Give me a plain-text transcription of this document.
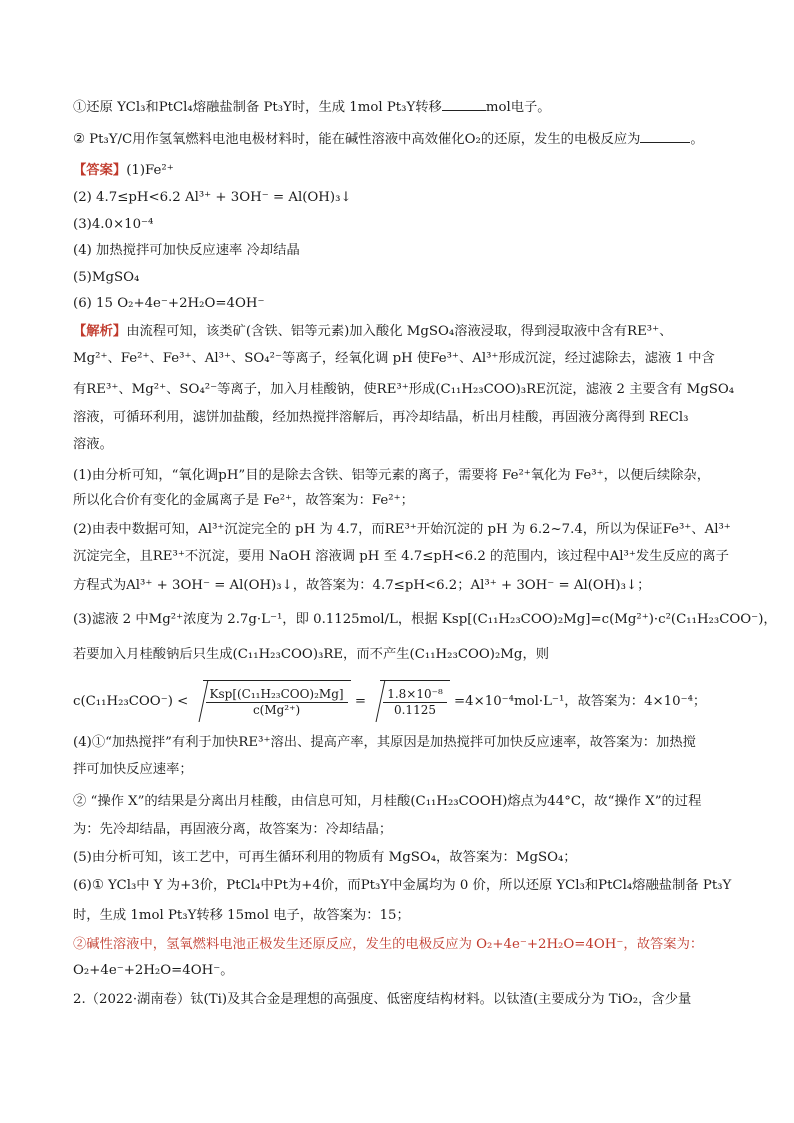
①还原 YCl₃和PtCl₄熔融盐制备 Pt₃Y时，生成 1mol Pt₃Y转移	mol电子。
② Pt₃Y/C用作氢氧燃料电池电极材料时，能在碱性溶液中高效催化O₂的还原，发生的电极反应为	。
【答案】(1)Fe²⁺
(2) 4.7≤pH<6.2 Al³⁺ + 3OH⁻ = Al(OH)₃↓
(3)4.0×10⁻⁴
(4) 加热搅拌可加快反应速率 冷却结晶
(5)MgSO₄
(6) 15 O₂+4e⁻+2H₂O=4OH⁻
【解析】由流程可知，该类矿(含铁、铝等元素)加入酸化 MgSO₄溶液浸取，得到浸取液中含有RE³⁺、
Mg²⁺、Fe²⁺、Fe³⁺、Al³⁺、SO₄²⁻等离子，经氧化调 pH 使Fe³⁺、Al³⁺形成沉淀，经过滤除去，滤液 1 中含
有RE³⁺、Mg²⁺、SO₄²⁻等离子，加入月桂酸钠，使RE³⁺形成(C₁₁H₂₃COO)₃RE沉淀，滤液 2 主要含有 MgSO₄
溶液，可循环利用，滤饼加盐酸，经加热搅拌溶解后，再冷却结晶，析出月桂酸，再固液分离得到 RECl₃
溶液。
(1)由分析可知，“氧化调pH”目的是除去含铁、铝等元素的离子，需要将 Fe²⁺氧化为 Fe³⁺，以便后续除杂，
所以化合价有变化的金属离子是 Fe²⁺，故答案为：Fe²⁺；
(2)由表中数据可知，Al³⁺沉淀完全的 pH 为 4.7，而RE³⁺开始沉淀的 pH 为 6.2~7.4，所以为保证Fe³⁺、Al³⁺
沉淀完全，且RE³⁺不沉淀，要用 NaOH 溶液调 pH 至 4.7≤pH<6.2 的范围内，该过程中Al³⁺发生反应的离子
方程式为Al³⁺ + 3OH⁻ = Al(OH)₃↓，故答案为：4.7≤pH<6.2；Al³⁺ + 3OH⁻ = Al(OH)₃↓；
(3)滤液 2 中Mg²⁺浓度为 2.7g·L⁻¹，即 0.1125mol/L，根据 Ksp[(C₁₁H₂₃COO)₂Mg]=c(Mg²⁺)·c²(C₁₁H₂₃COO⁻)，
若要加入月桂酸钠后只生成(C₁₁H₂₃COO)₃RE，而不产生(C₁₁H₂₃COO)₂Mg，则
$c(C_{11}H_{23}COO^-) < \frac{\text{Ksp[(C₁₁H₂₃COO)₂Mg]}}{\text{c(Mg²⁺)}} = \frac{\text{1.8×10⁻⁸}}{0.1125} =4\times 10^{-4}mol\cdot L^{-1}$，故答案为：4×10⁻⁴；
(4)①“加热搅拌”有利于加快RE³⁺溶出、提高产率，其原因是加热搅拌可加快反应速率，故答案为：加热搅
拌可加快反应速率；
② “操作 X”的结果是分离出月桂酸，由信息可知，月桂酸(C₁₁H₂₃COOH)熔点为44°C，故“操作 X”的过程
为：先冷却结晶，再固液分离，故答案为：冷却结晶；
(5)由分析可知，该工艺中，可再生循环利用的物质有 MgSO₄，故答案为：MgSO₄；
(6)① YCl₃中 Y 为+3价，PtCl₄中Pt为+4价，而Pt₃Y中金属均为 0 价，所以还原 YCl₃和PtCl₄熔融盐制备 Pt₃Y
时，生成 1mol Pt₃Y转移 15mol 电子，故答案为：15；
②碱性溶液中，氢氧燃料电池正极发生还原反应，发生的电极反应为 O₂+4e⁻+2H₂O=4OH⁻，故答案为：
O₂+4e⁻+2H₂O=4OH⁻。
2.（2022·湖南卷）钛(Ti)及其合金是理想的高强度、低密度结构材料。以钛渣(主要成分为 TiO₂，含少量
